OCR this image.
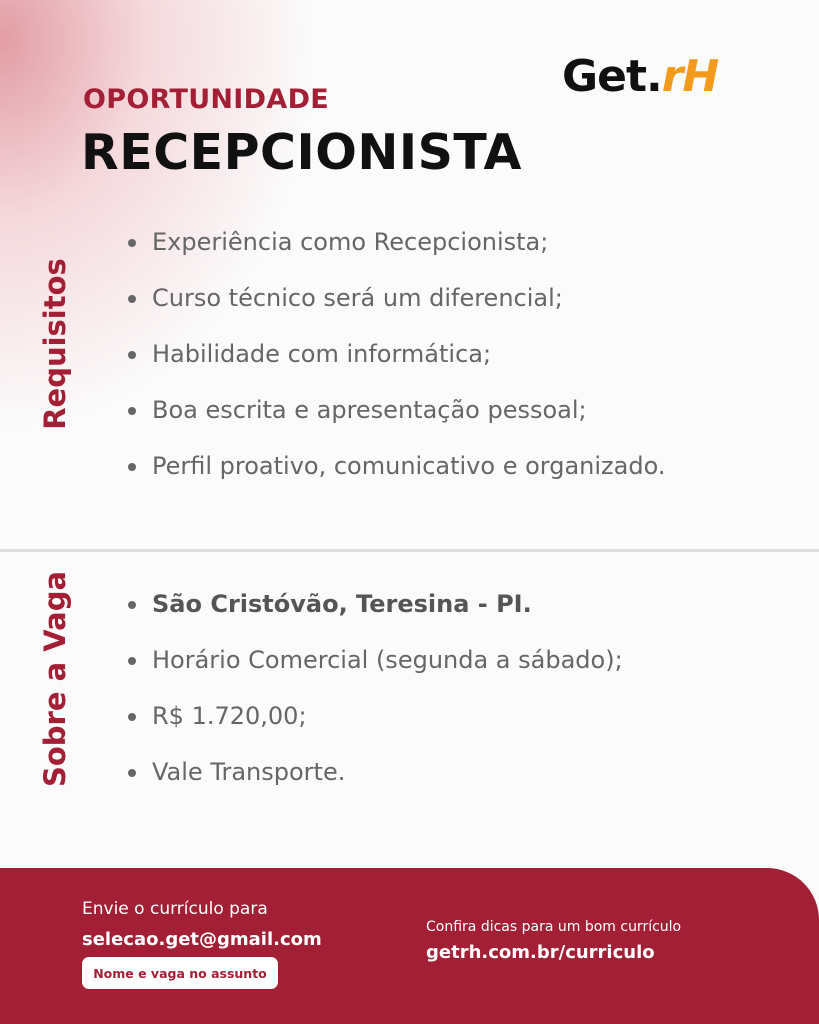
Get.rH
OPORTUNIDADE
RECEPCIONISTA
Requisitos
Experiência como Recepcionista;
Curso técnico será um diferencial;
Habilidade com informática;
Boa escrita e apresentação pessoal;
Perfil proativo, comunicativo e organizado.
Sobre a Vaga	São Cristóvão, Teresina - PI.
Horário Comercial (segunda a sábado);
R$ 1.720,00;
Vale Transporte.
Envie o currículo para
selecao.get@gmail.com
Nome e vaga no assunto
Confira dicas para um bom currículo
getrh.com.br/curriculo
